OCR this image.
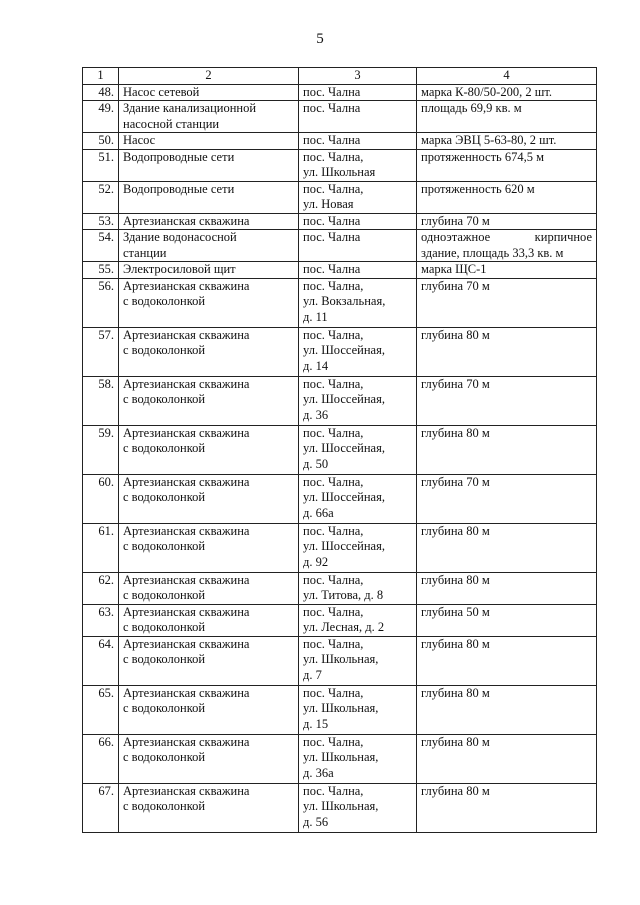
5
1	2	3	4
48.	Насос сетевой	пос. Чална	марка К-80/50-200, 2 шт.

49.	Здание канализационной
насосной станции	пос. Чална	площадь 69,9 кв. м

50.	Насос	пос. Чална	марка ЭВЦ 5-63-80, 2 шт.

51.	Водопроводные сети	пос. Чална,
ул. Школьная	протяженность 674,5 м

52.	Водопроводные сети	пос. Чална,
ул. Новая	протяженность 620 м

53.	Артезианская скважина	пос. Чална	глубина 70 м

54.	Здание водонасосной
станции	пос. Чална	одноэтажное кирпичное
здание, площадь 33,3 кв. м

55.	Электросиловой щит	пос. Чална	марка ЩС-1

56.	Артезианская скважина
с водоколонкой	пос. Чална,
ул. Вокзальная,
д. 11	глубина 70 м

57.	Артезианская скважина
с водоколонкой	пос. Чална,
ул. Шоссейная,
д. 14	глубина 80 м

58.	Артезианская скважина
с водоколонкой	пос. Чална,
ул. Шоссейная,
д. 36	глубина 70 м

59.	Артезианская скважина
с водоколонкой	пос. Чална,
ул. Шоссейная,
д. 50	глубина 80 м

60.	Артезианская скважина
с водоколонкой	пос. Чална,
ул. Шоссейная,
д. 66а	глубина 70 м

61.	Артезианская скважина
с водоколонкой	пос. Чална,
ул. Шоссейная,
д. 92	глубина 80 м

62.	Артезианская скважина
с водоколонкой	пос. Чална,
ул. Титова, д. 8	глубина 80 м

63.	Артезианская скважина
с водоколонкой	пос. Чална,
ул. Лесная, д. 2	глубина 50 м

64.	Артезианская скважина
с водоколонкой	пос. Чална,
ул. Школьная,
д. 7	глубина 80 м

65.	Артезианская скважина
с водоколонкой	пос. Чална,
ул. Школьная,
д. 15	глубина 80 м

66.	Артезианская скважина
с водоколонкой	пос. Чална,
ул. Школьная,
д. 36а	глубина 80 м

67.	Артезианская скважина
с водоколонкой	пос. Чална,
ул. Школьная,
д. 56	глубина 80 м
